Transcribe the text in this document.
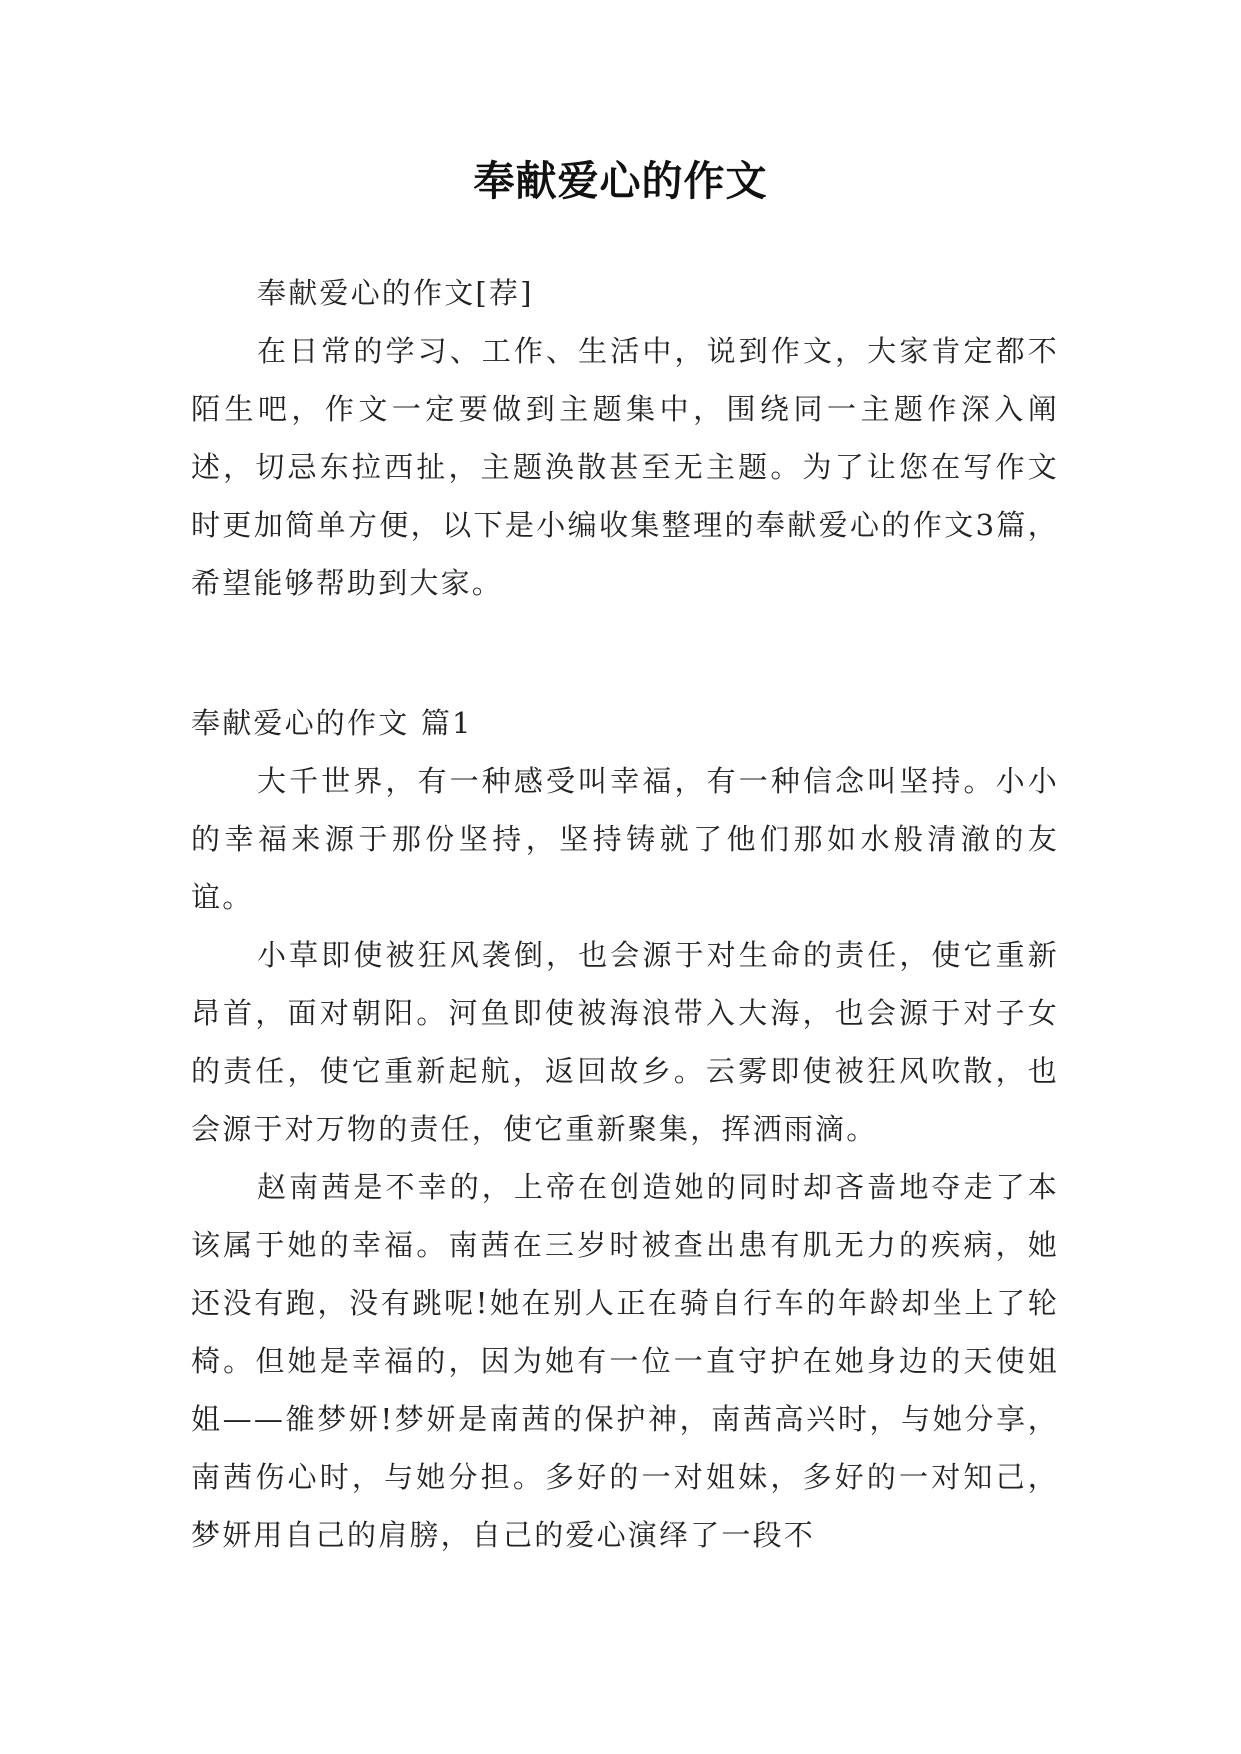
奉献爱心的作文

奉献爱心的作文[荐]

在日常的学习、工作、生活中，说到作文，大家肯定都不陌生吧，作文一定要做到主题集中，围绕同一主题作深入阐述，切忌东拉西扯，主题涣散甚至无主题。为了让您在写作文时更加简单方便，以下是小编收集整理的奉献爱心的作文3篇，希望能够帮助到大家。

奉献爱心的作文 篇1

大千世界，有一种感受叫幸福，有一种信念叫坚持。小小的幸福来源于那份坚持，坚持铸就了他们那如水般清澈的友谊。

小草即使被狂风袭倒，也会源于对生命的责任，使它重新昂首，面对朝阳。河鱼即使被海浪带入大海，也会源于对子女的责任，使它重新起航，返回故乡。云雾即使被狂风吹散，也会源于对万物的责任，使它重新聚集，挥洒雨滴。

赵南茜是不幸的，上帝在创造她的同时却吝啬地夺走了本该属于她的幸福。南茜在三岁时被查出患有肌无力的疾病，她还没有跑，没有跳呢!她在别人正在骑自行车的年龄却坐上了轮椅。但她是幸福的，因为她有一位一直守护在她身边的天使姐姐——雒梦妍!梦妍是南茜的保护神，南茜高兴时，与她分享，南茜伤心时，与她分担。多好的一对姐妹，多好的一对知己，梦妍用自己的肩膀，自己的爱心演绎了一段不
